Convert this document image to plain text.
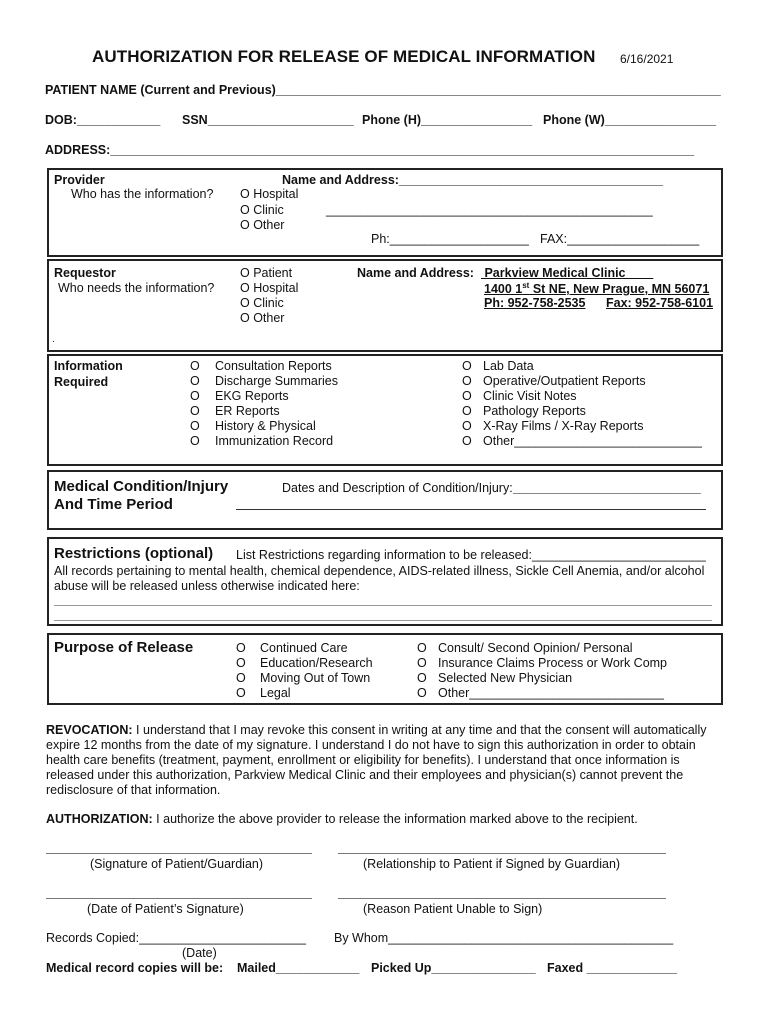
AUTHORIZATION FOR RELEASE OF MEDICAL INFORMATION 6/16/2021
PATIENT NAME (Current and Previous)________________________________________________________________
DOB:____________ SSN_____________________ Phone (H)________________ Phone (W)________________
ADDRESS:____________________________________________________________________________________
Provider
Who has the information? O Hospital
O Clinic
O Other
Name and Address:______________________________________
_______________________________________________
Ph:____________________ FAX:___________________
Requestor
Who needs the information?
O Patient
O Hospital
O Clinic
O Other
Name and Address: Parkview Medical Clinic
1400 1st St NE, New Prague, MN 56071
Ph: 952-758-2535 Fax: 952-758-6101
.
Information
Required
O Consultation Reports
O Discharge Summaries
O EKG Reports
O ER Reports
O History & Physical
O Immunization Record
O Lab Data
O Operative/Outpatient Reports
O Clinic Visit Notes
O Pathology Reports
O X-Ray Films / X-Ray Reports
O Other___________________________
Medical Condition/Injury
And Time Period
Dates and Description of Condition/Injury: ___________________________
Restrictions (optional) List Restrictions regarding information to be released:_________________________
All records pertaining to mental health, chemical dependence, AIDS-related illness, Sickle Cell Anemia, and/or alcohol
abuse will be released unless otherwise indicated here:
Purpose of Release	O Continued Care
O Education/Research
O Moving Out of Town
O Legal
O Consult/ Second Opinion/ Personal
O Insurance Claims Process or Work Comp
O Selected New Physician
O Other____________________________
REVOCATION: I understand that I may revoke this consent in writing at any time and that the consent will automatically
expire 12 months from the date of my signature. I understand I do not have to sign this authorization in order to obtain
health care benefits (treatment, payment, enrollment or eligibility for benefits). I understand that once information is
released under this authorization, Parkview Medical Clinic and their employees and physician(s) cannot prevent the
redisclosure of that information.
AUTHORIZATION: I authorize the above provider to release the information marked above to the recipient.
(Signature of Patient/Guardian)	(Relationship to Patient if Signed by Guardian)
(Date of Patient’s Signature)	(Reason Patient Unable to Sign)
Records Copied:________________________ By Whom_________________________________________
(Date)
Medical record copies will be: Mailed____________ Picked Up_______________ Faxed _____________
